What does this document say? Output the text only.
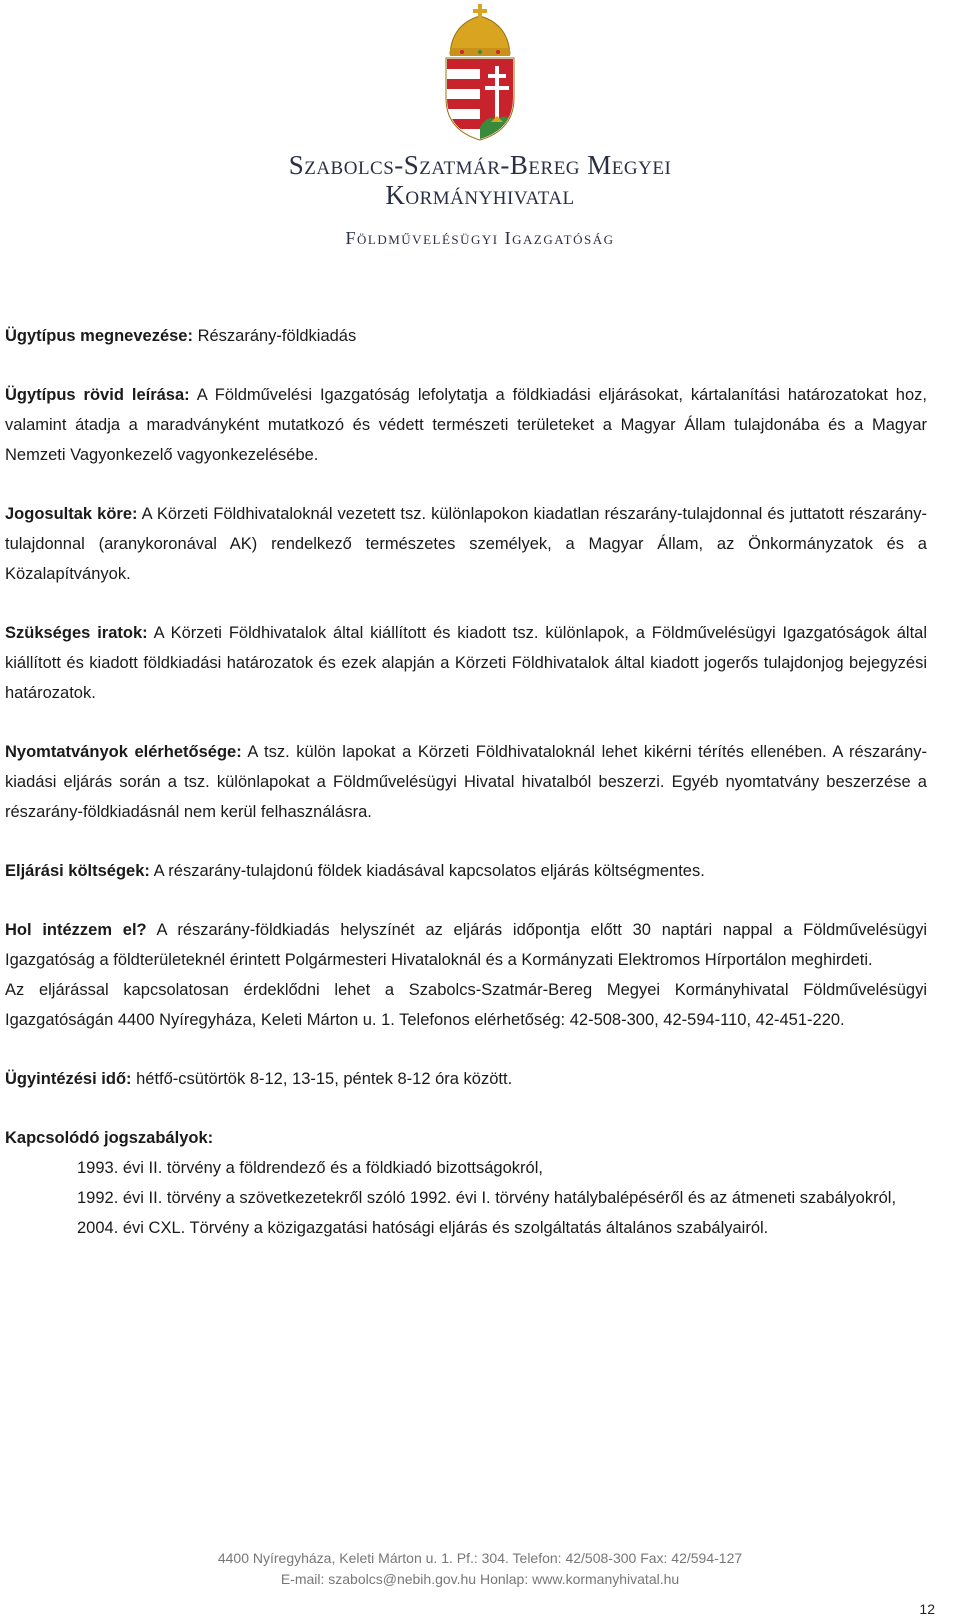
Szabolcs-Szatmár-Bereg Megyei
Kormányhivatal
Földművelésügyi Igazgatóság

Ügytípus megnevezése: Részarány-földkiadás

Ügytípus rövid leírása: A Földművelési Igazgatóság lefolytatja a földkiadási eljárásokat, kártalanítási határozatokat hoz, valamint átadja a maradványként mutatkozó és védett természeti területeket a Magyar Állam tulajdonába és a Magyar Nemzeti Vagyonkezelő vagyonkezelésébe.

Jogosultak köre: A Körzeti Földhivataloknál vezetett tsz. különlapokon kiadatlan részarány-tulajdonnal és juttatott részarány-tulajdonnal (aranykoronával AK) rendelkező természetes személyek, a Magyar Állam, az Önkormányzatok és a Közalapítványok.

Szükséges iratok: A Körzeti Földhivatalok által kiállított és kiadott tsz. különlapok, a Földművelésügyi Igazgatóságok által kiállított és kiadott földkiadási határozatok és ezek alapján a Körzeti Földhivatalok által kiadott jogerős tulajdonjog bejegyzési határozatok.

Nyomtatványok elérhetősége: A tsz. külön lapokat a Körzeti Földhivataloknál lehet kikérni térítés ellenében. A részarány-kiadási eljárás során a tsz. különlapokat a Földművelésügyi Hivatal hivatalból beszerzi. Egyéb nyomtatvány beszerzése a részarány-földkiadásnál nem kerül felhasználásra.

Eljárási költségek: A részarány-tulajdonú földek kiadásával kapcsolatos eljárás költségmentes.

Hol intézzem el? A részarány-földkiadás helyszínét az eljárás időpontja előtt 30 naptári nappal a Földművelésügyi Igazgatóság a földterületeknél érintett Polgármesteri Hivataloknál és a Kormányzati Elektromos Hírportálon meghirdeti.

Az eljárással kapcsolatosan érdeklődni lehet a Szabolcs-Szatmár-Bereg Megyei Kormányhivatal Földművelésügyi Igazgatóságán 4400 Nyíregyháza, Keleti Márton u. 1. Telefonos elérhetőség: 42-508-300, 42-594-110, 42-451-220.

Ügyintézési idő: hétfő-csütörtök 8-12, 13-15, péntek 8-12 óra között.

Kapcsolódó jogszabályok:

1993. évi II. törvény a földrendező és a földkiadó bizottságokról,

1992. évi II. törvény a szövetkezetekről szóló 1992. évi I. törvény hatálybalépéséről és az átmeneti szabályokról,

2004. évi CXL. Törvény a közigazgatási hatósági eljárás és szolgáltatás általános szabályairól.

4400 Nyíregyháza, Keleti Márton u. 1. Pf.: 304. Telefon: 42/508-300 Fax: 42/594-127
E-mail: szabolcs@nebih.gov.hu Honlap: www.kormanyhivatal.hu
12
